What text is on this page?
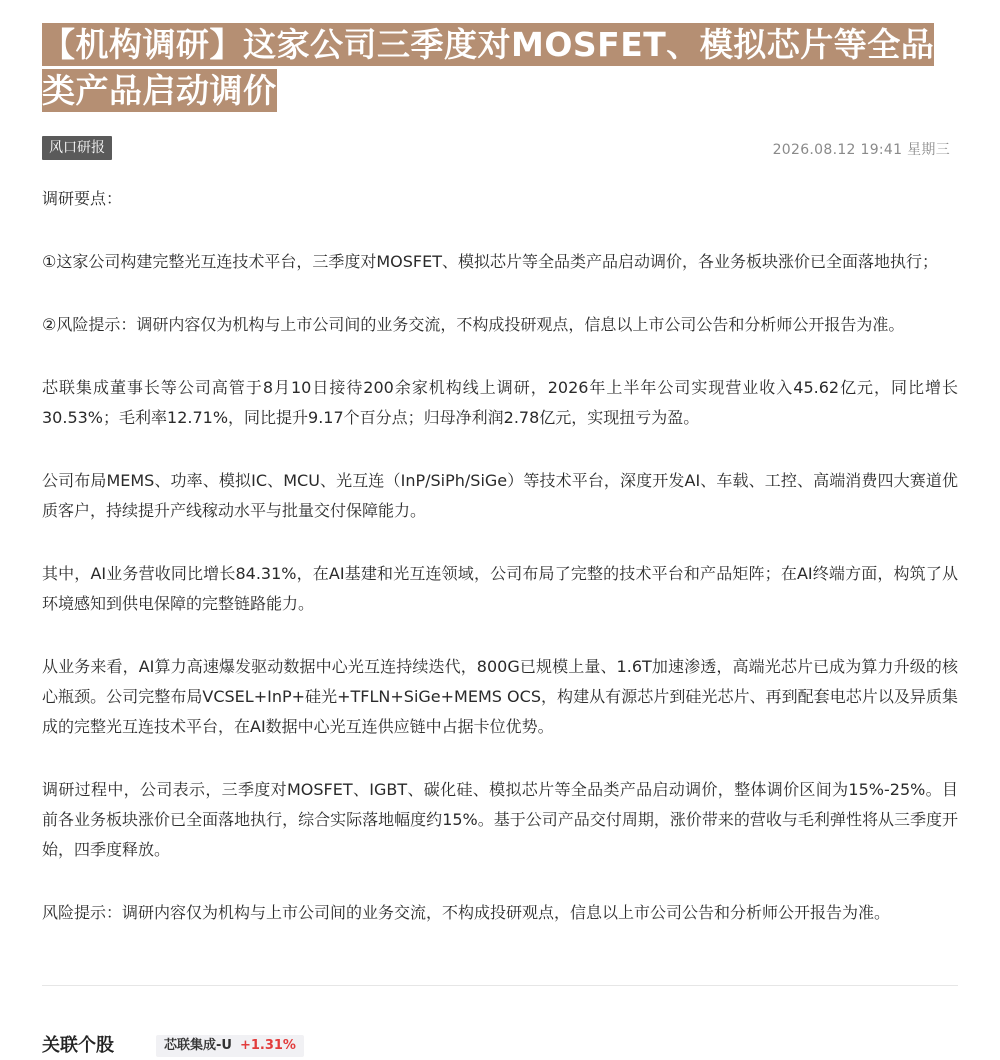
【机构调研】这家公司三季度对MOSFET、模拟芯片等全品类产品启动调价
风口研报	2026.08.12 19:41 星期三

调研要点：

①这家公司构建完整光互连技术平台，三季度对MOSFET、模拟芯片等全品类产品启动调价，各业务板块涨价已全面落地执行；

②风险提示：调研内容仅为机构与上市公司间的业务交流，不构成投研观点，信息以上市公司公告和分析师公开报告为准。

芯联集成董事长等公司高管于8月10日接待200余家机构线上调研，2026年上半年公司实现营业收入45.62亿元，同比增长30.53%；毛利率12.71%，同比提升9.17个百分点；归母净利润2.78亿元，实现扭亏为盈。

公司布局MEMS、功率、模拟IC、MCU、光互连（InP/SiPh/SiGe）等技术平台，深度开发AI、车载、工控、高端消费四大赛道优质客户，持续提升产线稼动水平与批量交付保障能力。

其中，AI业务营收同比增长84.31%，在AI基建和光互连领域，公司布局了完整的技术平台和产品矩阵；在AI终端方面，构筑了从环境感知到供电保障的完整链路能力。

从业务来看，AI算力高速爆发驱动数据中心光互连持续迭代，800G已规模上量、1.6T加速渗透，高端光芯片已成为算力升级的核心瓶颈。公司完整布局VCSEL+InP+硅光+TFLN+SiGe+MEMS OCS，构建从有源芯片到硅光芯片、再到配套电芯片以及异质集成的完整光互连技术平台，在AI数据中心光互连供应链中占据卡位优势。

调研过程中，公司表示，三季度对MOSFET、IGBT、碳化硅、模拟芯片等全品类产品启动调价，整体调价区间为15%-25%。目前各业务板块涨价已全面落地执行，综合实际落地幅度约15%。基于公司产品交付周期，涨价带来的营收与毛利弹性将从三季度开始，四季度释放。

风险提示：调研内容仅为机构与上市公司间的业务交流，不构成投研观点，信息以上市公司公告和分析师公开报告为准。

关联个股	芯联集成-U +1.31%
